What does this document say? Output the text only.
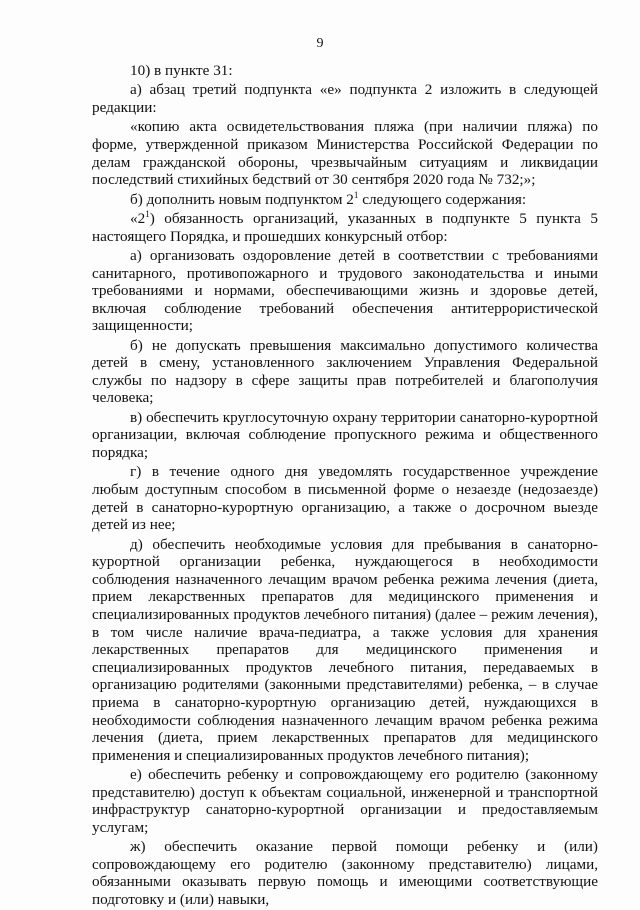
9

10) в пункте 31:

а) абзац третий подпункта «е» подпункта 2 изложить в следующей редакции:

«копию акта освидетельствования пляжа (при наличии пляжа) по форме, утвержденной приказом Министерства Российской Федерации по делам гражданской обороны, чрезвычайным ситуациям и ликвидации последствий стихийных бедствий от 30 сентября 2020 года № 732;»;

б) дополнить новым подпунктом $2^1$ следующего содержания:

«$2^1$) обязанность организаций, указанных в подпункте 5 пункта 5 настоящего Порядка, и прошедших конкурсный отбор:

а) организовать оздоровление детей в соответствии с требованиями санитарного, противопожарного и трудового законодательства и иными требованиями и нормами, обеспечивающими жизнь и здоровье детей, включая соблюдение требований обеспечения антитеррористической защищенности;

б) не допускать превышения максимально допустимого количества детей в смену, установленного заключением Управления Федеральной службы по надзору в сфере защиты прав потребителей и благополучия человека;

в) обеспечить круглосуточную охрану территории санаторно-курортной организации, включая соблюдение пропускного режима и общественного порядка;

г) в течение одного дня уведомлять государственное учреждение любым доступным способом в письменной форме о незаезде (недозаезде) детей в санаторно-курортную организацию, а также о досрочном выезде детей из нее;

д) обеспечить необходимые условия для пребывания в санаторно-курортной организации ребенка, нуждающегося в необходимости соблюдения назначенного лечащим врачом ребенка режима лечения (диета, прием лекарственных препаратов для медицинского применения и специализированных продуктов лечебного питания) (далее – режим лечения), в том числе наличие врача-педиатра, а также условия для хранения лекарственных препаратов для медицинского применения и специализированных продуктов лечебного питания, передаваемых в организацию родителями (законными представителями) ребенка, – в случае приема в санаторно-курортную организацию детей, нуждающихся в необходимости соблюдения назначенного лечащим врачом ребенка режима лечения (диета, прием лекарственных препаратов для медицинского применения и специализированных продуктов лечебного питания);

е) обеспечить ребенку и сопровождающему его родителю (законному представителю) доступ к объектам социальной, инженерной и транспортной инфраструктур санаторно-курортной организации и предоставляемым услугам;

ж) обеспечить оказание первой помощи ребенку и (или) сопровождающему его родителю (законному представителю) лицами, обязанными оказывать первую помощь и имеющими соответствующие подготовку и (или) навыки,
